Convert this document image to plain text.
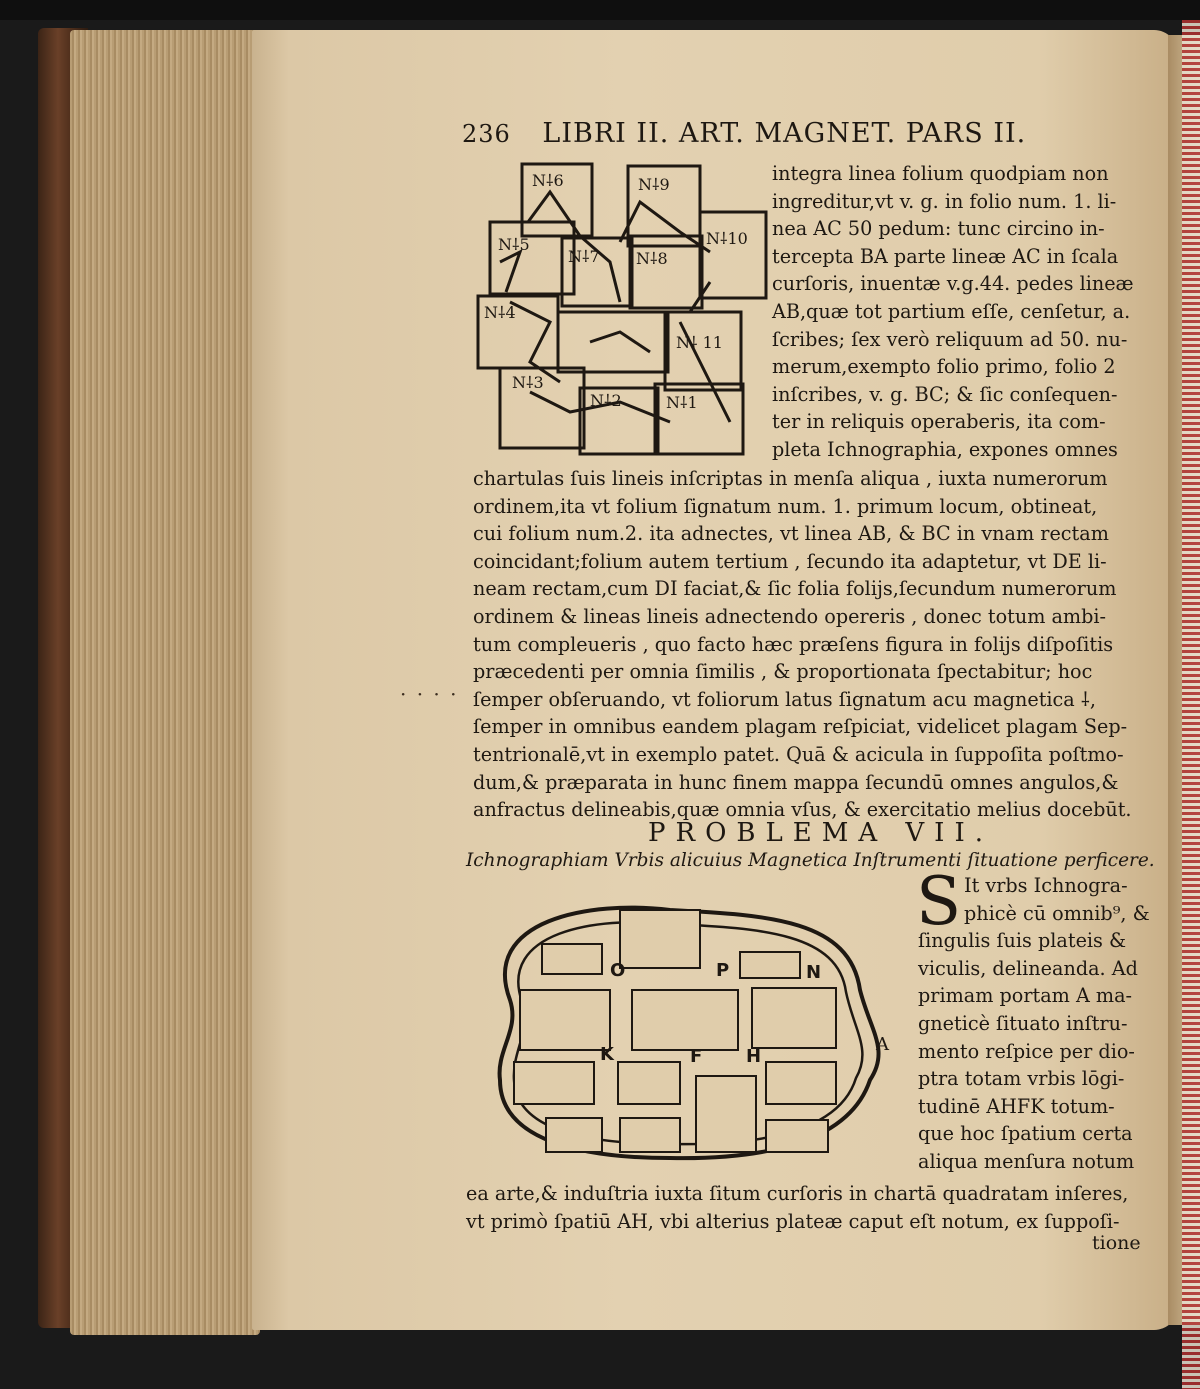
236 LIBRI II. ART. MAGNET. PARS II.
N⸸6	N⸸9
N⸸5
N⸸7 N⸸8
N⸸10
N⸸4
N⸸ 11
N⸸3
N⸸2	N⸸1
integra linea folium quodpiam non
ingreditur,vt v. g. in folio num. 1. li-
nea AC 50 pedum: tunc circino in-
tercepta BA parte lineæ AC in ſcala
curſoris, inuentæ v.g.44. pedes lineæ
AB,quæ tot partium eſſe, cenſetur, a.
ſcribes; ſex verò reliquum ad 50. nu-
merum,exempto folio primo, folio 2
inſcribes, v. g. BC; & ſic conſequen-
ter in reliquis operaberis, ita com-
pleta Ichnographia, expones omnes
chartulas ſuis lineis inſcriptas in menſa aliqua , iuxta numerorum
ordinem,ita vt folium ſignatum num. 1. primum locum, obtineat,
cui folium num.2. ita adnectes, vt linea AB, & BC in vnam rectam
coincidant;folium autem tertium , ſecundo ita adaptetur, vt DE li-
neam rectam,cum DI faciat,& ſic folia folijs,ſecundum numerorum
ordinem & lineas lineis adnectendo opereris , donec totum ambi-
tum compleueris , quo facto hæc præſens figura in folijs diſpoſitis
præcedenti per omnia ſimilis , & proportionata ſpectabitur; hoc
ſemper obſeruando, vt foliorum latus ſignatum acu magnetica ⸸,
ſemper in omnibus eandem plagam reſpiciat, videlicet plagam Sep-
tentrionalē,vt in exemplo patet. Quā & acicula in ſuppoſita poſtmo-
dum,& præparata in hunc finem mappa ſecundū omnes angulos,&
anfractus delineabis,quæ omnia vſus, & exercitatio melius docebūt.
· · · ·
PROBLEMA VII.
Ichnographiam Vrbis alicuius Magnetica Inſtrumenti ſituatione perficere.
O	P	N
K	F H
A
S It vrbs Ichnogra-
phicè cū omnib⁹, &
ſingulis ſuis plateis &
viculis, delineanda. Ad
primam portam A ma-
gneticè ſituato inſtru-
mento reſpice per dio-
ptra totam vrbis lōgi-
tudinē AHFK totum-
que hoc ſpatium certa
aliqua menſura notum
ea arte,& induſtria iuxta ſitum curſoris in chartā quadratam inſeres,
vt primò ſpatiū AH, vbi alterius plateæ caput eſt notum, ex ſuppoſi-
tione
